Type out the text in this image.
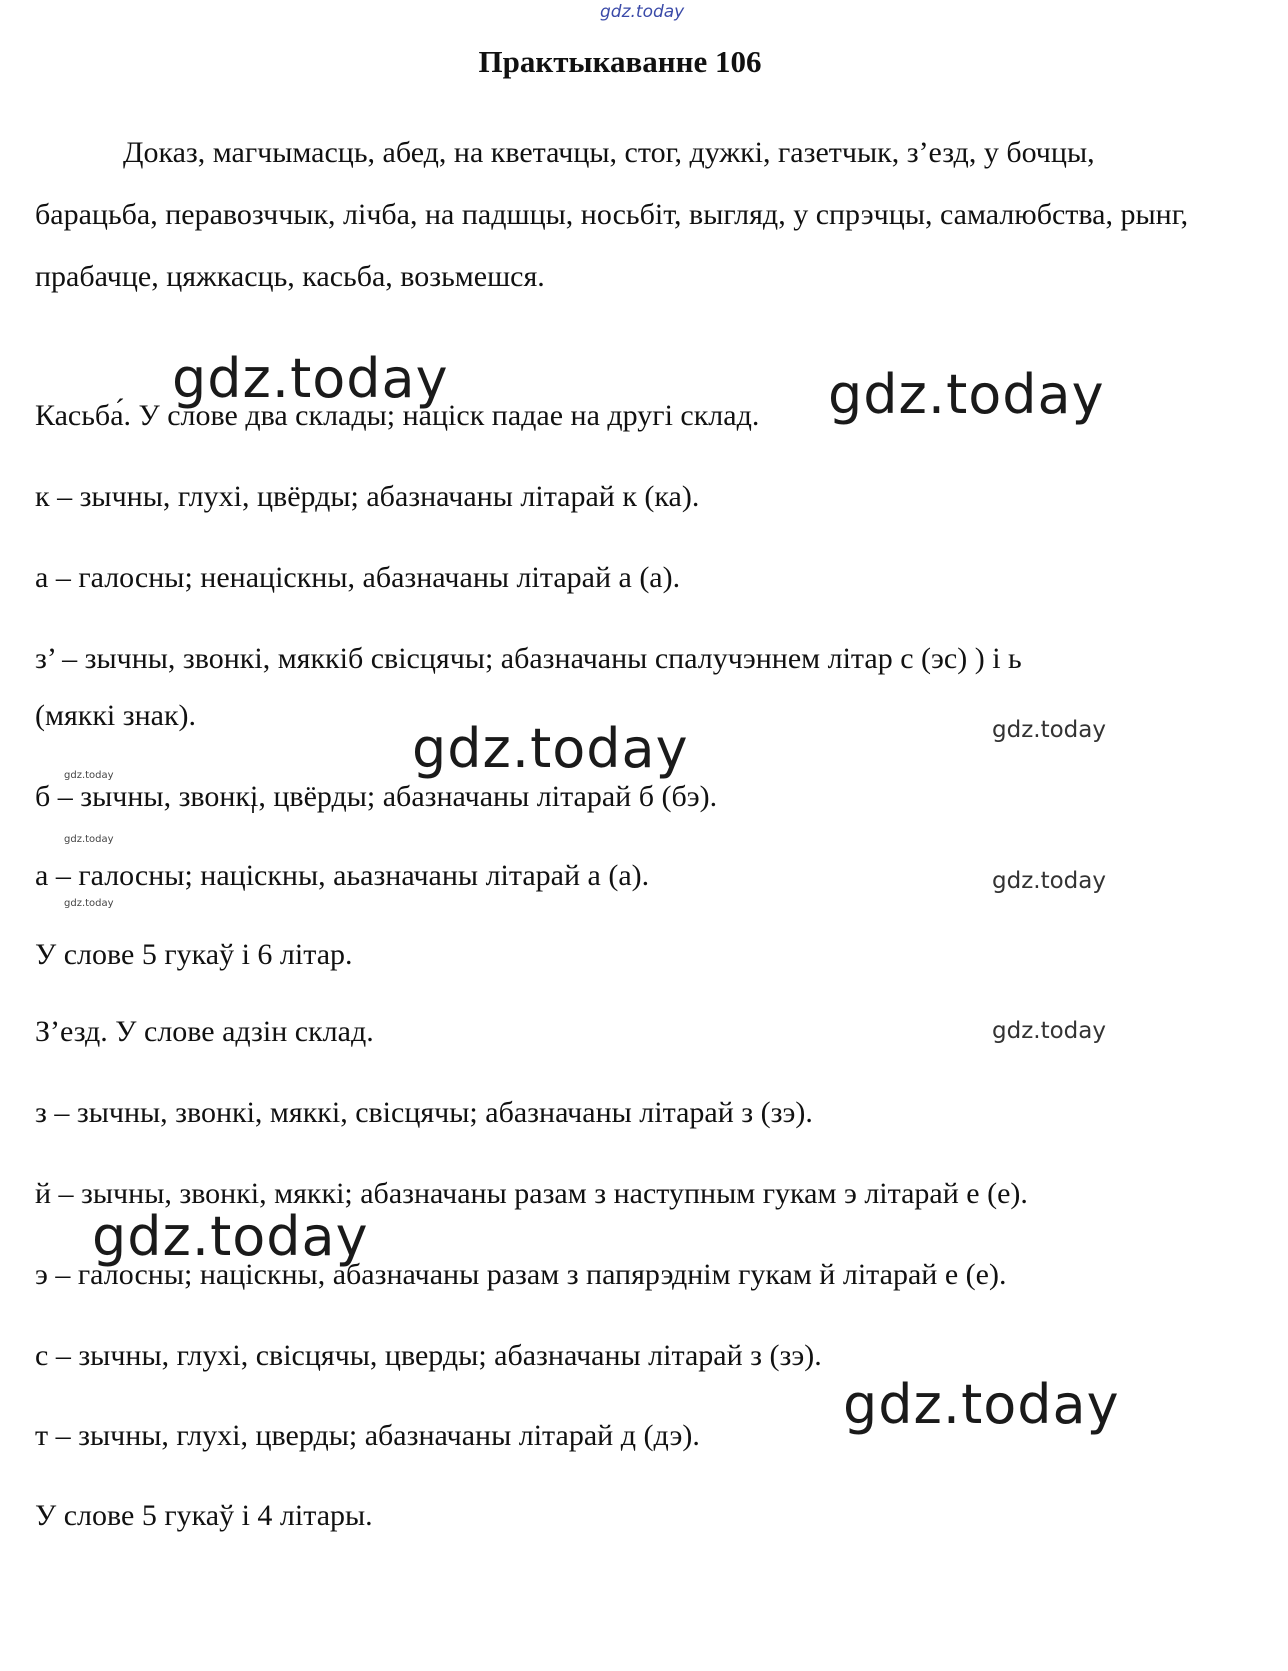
gdz.today
gdz.today	gdz.today
gdz.today
gdz.today
gdz.today
gdz.today
gdz.today
gdz.today
gdz.today
gdz.today
gdz.today
Практыкаванне 106

Доказ, магчымасць, абед, на кветачцы, стог, дужкі, газетчык, з’езд, у бочцы, барацьба, перавозччык, лічба, на падшцы, носьбіт, выгляд, у спрэчцы, самалюбства, рынг, прабачце, цяжкасць, касьба, возьмешся.

Касьба́. У слове два склады; націск падае на другі склад.

к – зычны, глухі, цвёрды; абазначаны літарай к (ка).

а – галосны; ненаціскны, абазначаны літарай а (а).

з’ – зычны, звонкі, мяккіб свісцячы; абазначаны спалучэннем літар с (эс) ) і ь

(мяккі знак).

б – зычны, звонкі, цвёрды; абазначаны літарай б (бэ).

а – галосны; націскны, аьазначаны літарай а (а).

У слове 5 гукаў і 6 літар.

З’езд. У слове адзін склад.

з – зычны, звонкі, мяккі, свісцячы; абазначаны літарай з (зэ).

й – зычны, звонкі, мяккі; абазначаны разам з наступным гукам э літарай е (е).

э – галосны; націскны, абазначаны разам з папярэднім гукам й літарай е (е).

с – зычны, глухі, свісцячы, цверды; абазначаны літарай з (зэ).

т – зычны, глухі, цверды; абазначаны літарай д (дэ).

У слове 5 гукаў і 4 літары.
